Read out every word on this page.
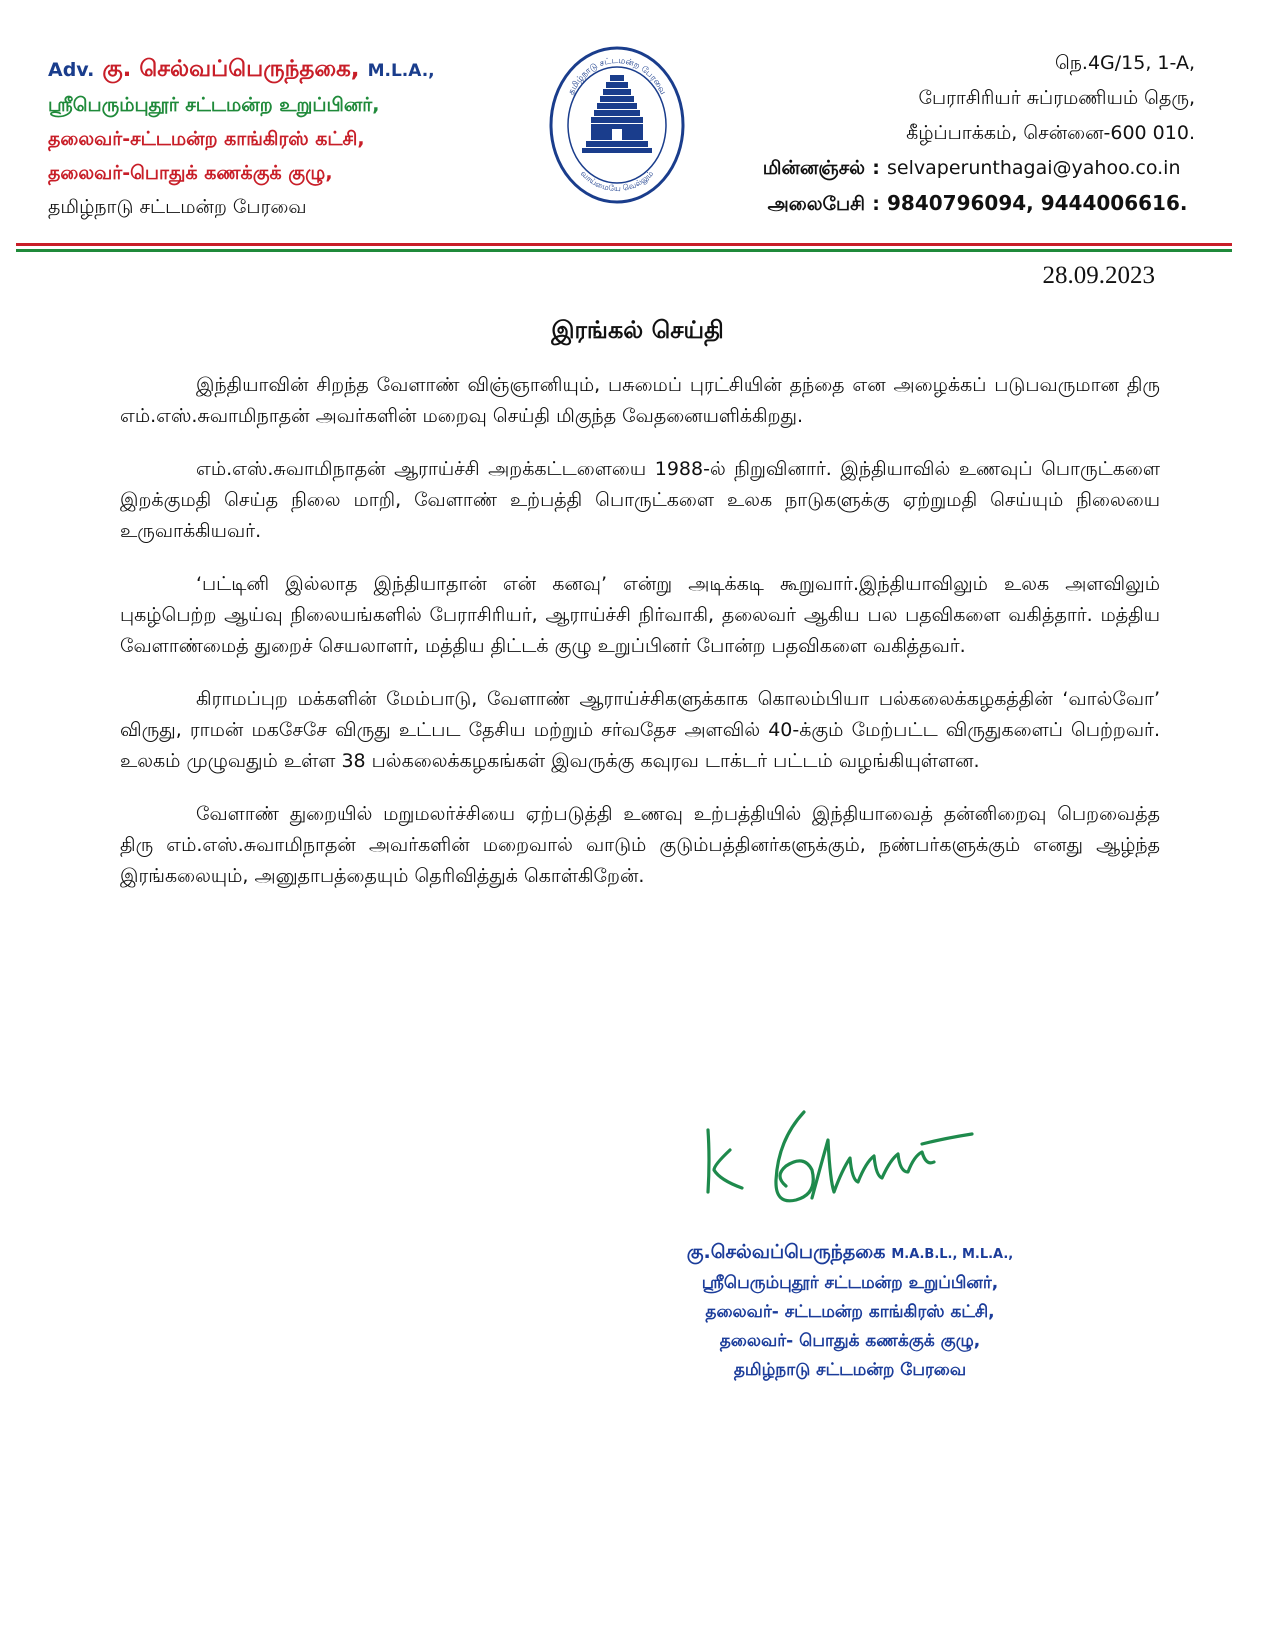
Adv. கு. செல்வப்பெருந்தகை, M.L.A.,
ஸ்ரீபெரும்புதூர் சட்டமன்ற உறுப்பினர்,
தலைவர்-சட்டமன்ற காங்கிரஸ் கட்சி,
தலைவர்-பொதுக் கணக்குக் குழு,
தமிழ்நாடு சட்டமன்ற பேரவை
தமிழ்நாடு சட்டமன்ற பேரவை
வாய்மையே வெல்லும்
நெ.4G/15, 1-A,
பேராசிரியர் சுப்ரமணியம் தெரு,
கீழ்ப்பாக்கம், சென்னை-600 010.
மின்னஞ்சல் : selvaperunthagai@yahoo.co.in
அலைபேசி : 9840796094, 9444006616.
28.09.2023
இரங்கல் செய்தி

இந்தியாவின் சிறந்த வேளாண் விஞ்ஞானியும், பசுமைப் புரட்சியின் தந்தை என அழைக்கப் படுபவருமான திரு எம்.எஸ்.சுவாமிநாதன் அவர்களின் மறைவு செய்தி மிகுந்த வேதனையளிக்கிறது.

எம்.எஸ்.சுவாமிநாதன் ஆராய்ச்சி அறக்கட்டளையை 1988-ல் நிறுவினார். இந்தியாவில் உணவுப் பொருட்களை இறக்குமதி செய்த நிலை மாறி, வேளாண் உற்பத்தி பொருட்களை உலக நாடுகளுக்கு ஏற்றுமதி செய்யும் நிலையை உருவாக்கியவர்.

‘பட்டினி இல்லாத இந்தியாதான் என் கனவு’ என்று அடிக்கடி கூறுவார்.இந்தியாவிலும் உலக அளவிலும் புகழ்பெற்ற ஆய்வு நிலையங்களில் பேராசிரியர், ஆராய்ச்சி நிர்வாகி, தலைவர் ஆகிய பல பதவிகளை வகித்தார். மத்திய வேளாண்மைத் துறைச் செயலாளர், மத்திய திட்டக் குழு உறுப்பினர் போன்ற பதவிகளை வகித்தவர்.

கிராமப்புற மக்களின் மேம்பாடு, வேளாண் ஆராய்ச்சிகளுக்காக கொலம்பியா பல்கலைக்கழகத்தின் ‘வால்வோ’ விருது, ராமன் மகசேசே விருது உட்பட தேசிய மற்றும் சர்வதேச அளவில் 40-க்கும் மேற்பட்ட விருதுகளைப் பெற்றவர். உலகம் முழுவதும் உள்ள 38 பல்கலைக்கழகங்கள் இவருக்கு கவுரவ டாக்டர் பட்டம் வழங்கியுள்ளன.

வேளாண் துறையில் மறுமலர்ச்சியை ஏற்படுத்தி உணவு உற்பத்தியில் இந்தியாவைத் தன்னிறைவு பெறவைத்த திரு எம்.எஸ்.சுவாமிநாதன் அவர்களின் மறைவால் வாடும் குடும்பத்தினர்களுக்கும், நண்பர்களுக்கும் எனது ஆழ்ந்த இரங்கலையும், அனுதாபத்தையும் தெரிவித்துக் கொள்கிறேன்.

கு.செல்வப்பெருந்தகை M.A.B.L., M.L.A.,
ஸ்ரீபெரும்புதூர் சட்டமன்ற உறுப்பினர்,
தலைவர்- சட்டமன்ற காங்கிரஸ் கட்சி,
தலைவர்- பொதுக் கணக்குக் குழு,
தமிழ்நாடு சட்டமன்ற பேரவை
